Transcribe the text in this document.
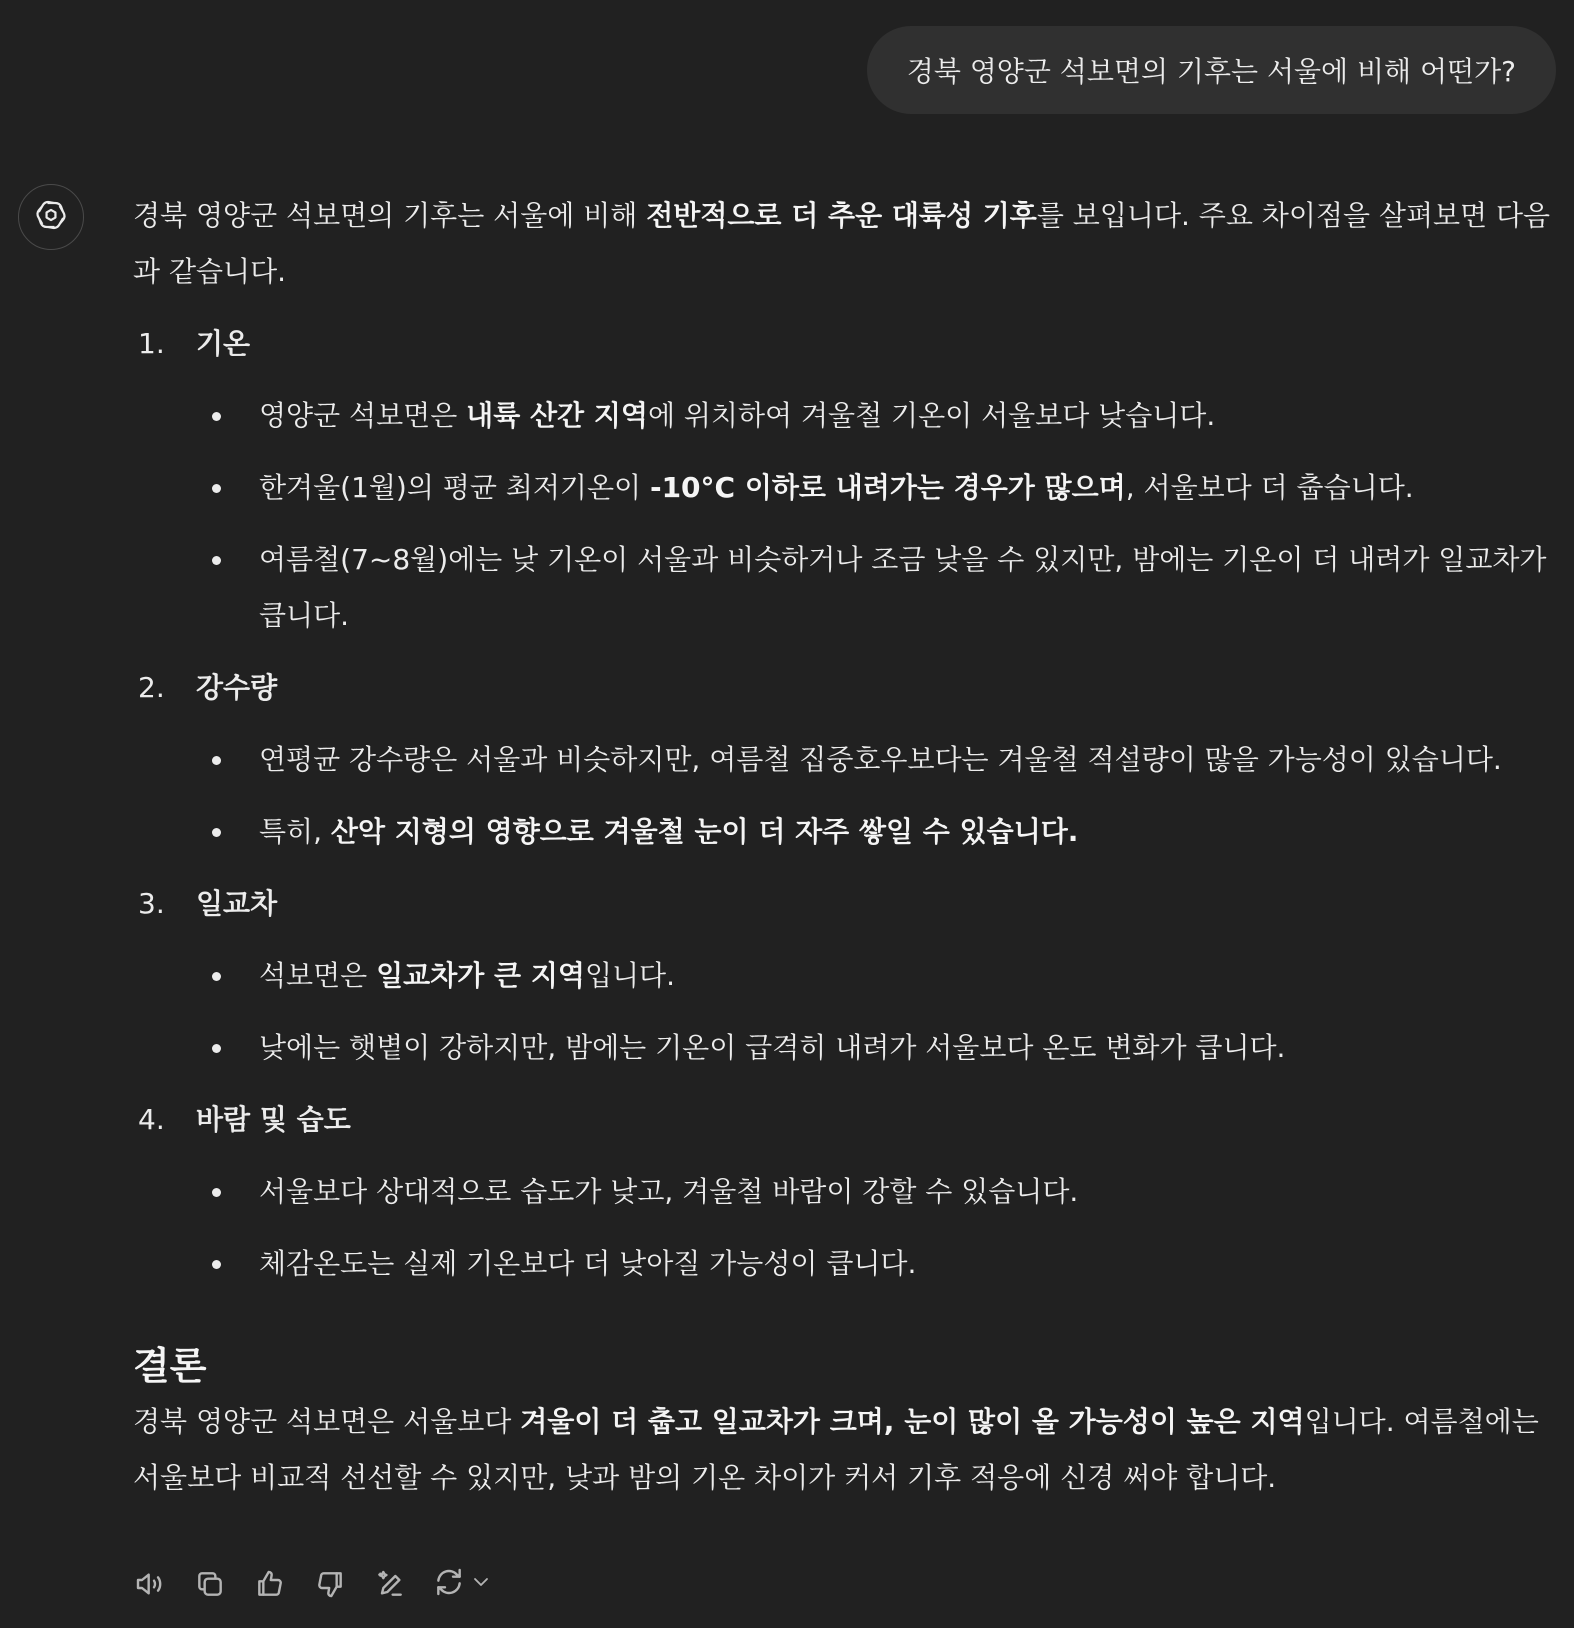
경북 영양군 석보면의 기후는 서울에 비해 어떤가?

경북 영양군 석보면의 기후는 서울에 비해 전반적으로 더 추운 대륙성 기후를 보입니다. 주요 차이점을 살펴보면 다음과 같습니다.

1. 기온
영양군 석보면은 내륙 산간 지역에 위치하여 겨울철 기온이 서울보다 낮습니다.
한겨울(1월)의 평균 최저기온이 -10°C 이하로 내려가는 경우가 많으며, 서울보다 더 춥습니다.
여름철(7~8월)에는 낮 기온이 서울과 비슷하거나 조금 낮을 수 있지만, 밤에는 기온이 더 내려가 일교차가 큽니다.
2. 강수량
연평균 강수량은 서울과 비슷하지만, 여름철 집중호우보다는 겨울철 적설량이 많을 가능성이 있습니다.
특히, 산악 지형의 영향으로 겨울철 눈이 더 자주 쌓일 수 있습니다.
3. 일교차
석보면은 일교차가 큰 지역입니다.
낮에는 햇볕이 강하지만, 밤에는 기온이 급격히 내려가 서울보다 온도 변화가 큽니다.
4. 바람 및 습도
서울보다 상대적으로 습도가 낮고, 겨울철 바람이 강할 수 있습니다.
체감온도는 실제 기온보다 더 낮아질 가능성이 큽니다.
결론

경북 영양군 석보면은 서울보다 겨울이 더 춥고 일교차가 크며, 눈이 많이 올 가능성이 높은 지역입니다. 여름철에는 서울보다 비교적 선선할 수 있지만, 낮과 밤의 기온 차이가 커서 기후 적응에 신경 써야 합니다.
